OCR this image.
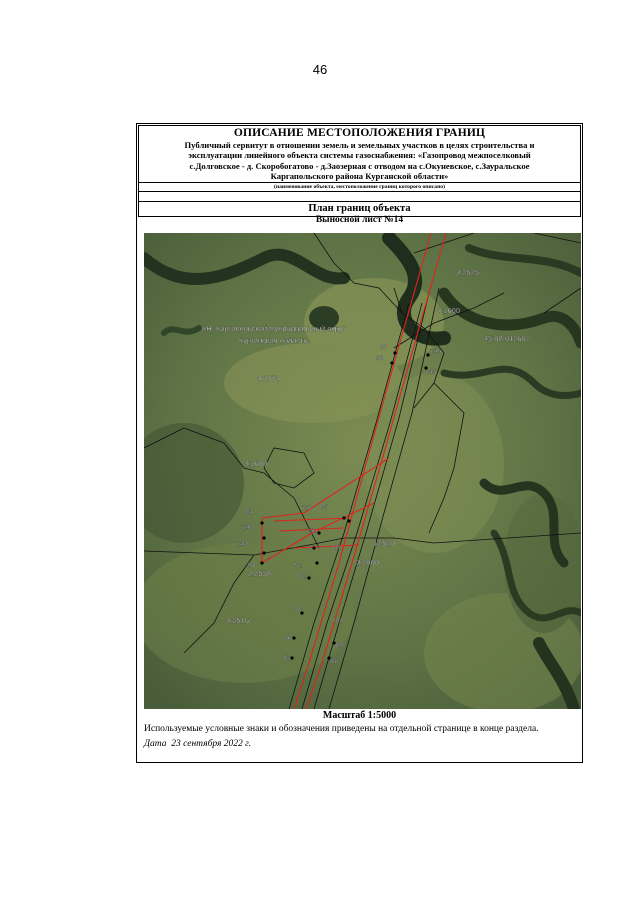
46
ОПИСАНИЕ МЕСТОПОЛОЖЕНИЯ ГРАНИЦ
Публичный сервитут в отношении земель и земельных участков в целях строительства и
эксплуатации линейного объекта системы газоснабжения: «Газопровод межпоселковый
с.Долговское - д. Скоробогатово - д.Заозерная с отводом на с.Окуневское, с.Зауральское
Каргапольского района Курганской области»
(наименование объекта, местоположение границ которого описано)
План границ объекта
Выносной лист №14
3:2525
3:1600
45:08:012601
3:1773
3:1600
3:2520
3:2000
2:2558
3:2516
КН: Каргапольский муниципальный округ
Курганская область
97
98
146
145
147 95
94
148
149
150
91
93	92
52
98
90
96
89
87	88
Масштаб 1:5000
Используемые условные знаки и обозначения приведены на отдельной странице в конце раздела.
Дата 23 сентября 2022 г.
